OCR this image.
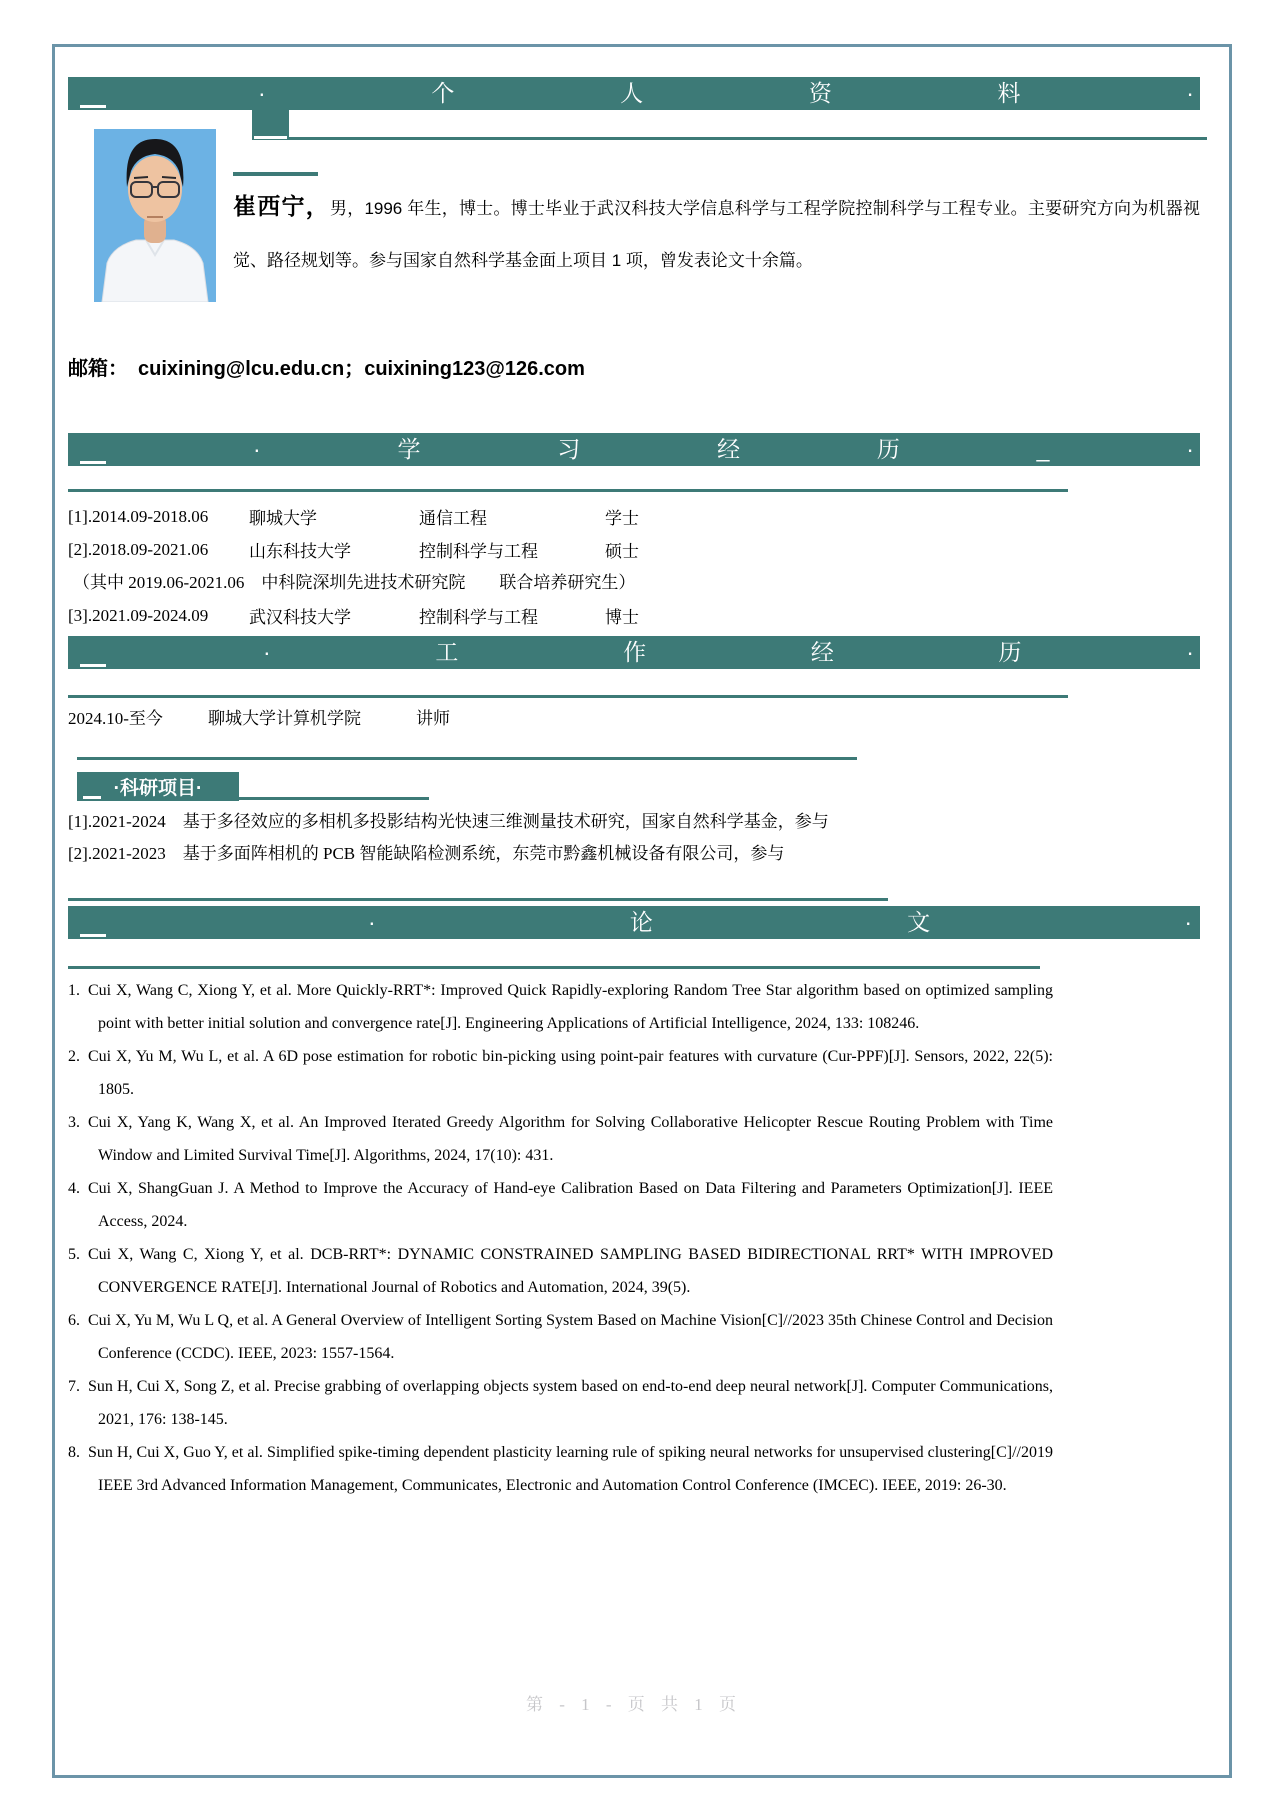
·	个	人	资	料	·
崔西宁，男，1996 年生，博士。博士毕业于武汉科技大学信息科学与工程学院控制科学与工程专业。主要研究方向为机器视觉、路径规划等。参与国家自然科学基金面上项目 1 项，曾发表论文十余篇。
邮箱： cuixining@lcu.edu.cn；cuixining123@126.com
·	学	习	经	历	_	·
[1].2014.09-2018.06	聊城大学	通信工程	学士
[2].2018.09-2021.06	山东科技大学	控制科学与工程	硕士
（其中 2019.06-2021.06　中科院深圳先进技术研究院　　联合培养研究生）
[3].2021.09-2024.09	武汉科技大学	控制科学与工程	博士
·	工	作	经	历	·
2024.10-至今	聊城大学计算机学院	讲师
·科研项目·
[1].2021-2024　基于多径效应的多相机多投影结构光快速三维测量技术研究，国家自然科学基金，参与
[2].2021-2023　基于多面阵相机的 PCB 智能缺陷检测系统，东莞市黔鑫机械设备有限公司，参与
·	论	文	·

1. Cui X, Wang C, Xiong Y, et al. More Quickly-RRT*: Improved Quick Rapidly-exploring Random Tree Star algorithm based on optimized sampling point with better initial solution and convergence rate[J]. Engineering Applications of Artificial Intelligence, 2024, 133: 108246.

2. Cui X, Yu M, Wu L, et al. A 6D pose estimation for robotic bin-picking using point-pair features with curvature (Cur-PPF)[J]. Sensors, 2022, 22(5): 1805.

3. Cui X, Yang K, Wang X, et al. An Improved Iterated Greedy Algorithm for Solving Collaborative Helicopter Rescue Routing Problem with Time Window and Limited Survival Time[J]. Algorithms, 2024, 17(10): 431.

4. Cui X, ShangGuan J. A Method to Improve the Accuracy of Hand-eye Calibration Based on Data Filtering and Parameters Optimization[J]. IEEE Access, 2024.

5. Cui X, Wang C, Xiong Y, et al. DCB-RRT*: DYNAMIC CONSTRAINED SAMPLING BASED BIDIRECTIONAL RRT* WITH IMPROVED CONVERGENCE RATE[J]. International Journal of Robotics and Automation, 2024, 39(5).

6. Cui X, Yu M, Wu L Q, et al. A General Overview of Intelligent Sorting System Based on Machine Vision[C]//2023 35th Chinese Control and Decision Conference (CCDC). IEEE, 2023: 1557-1564.

7. Sun H, Cui X, Song Z, et al. Precise grabbing of overlapping objects system based on end-to-end deep neural network[J]. Computer Communications, 2021, 176: 138-145.

8. Sun H, Cui X, Guo Y, et al. Simplified spike-timing dependent plasticity learning rule of spiking neural networks for unsupervised clustering[C]//2019 IEEE 3rd Advanced Information Management, Communicates, Electronic and Automation Control Conference (IMCEC). IEEE, 2019: 26-30.

第 - 1 - 页 共 1 页
